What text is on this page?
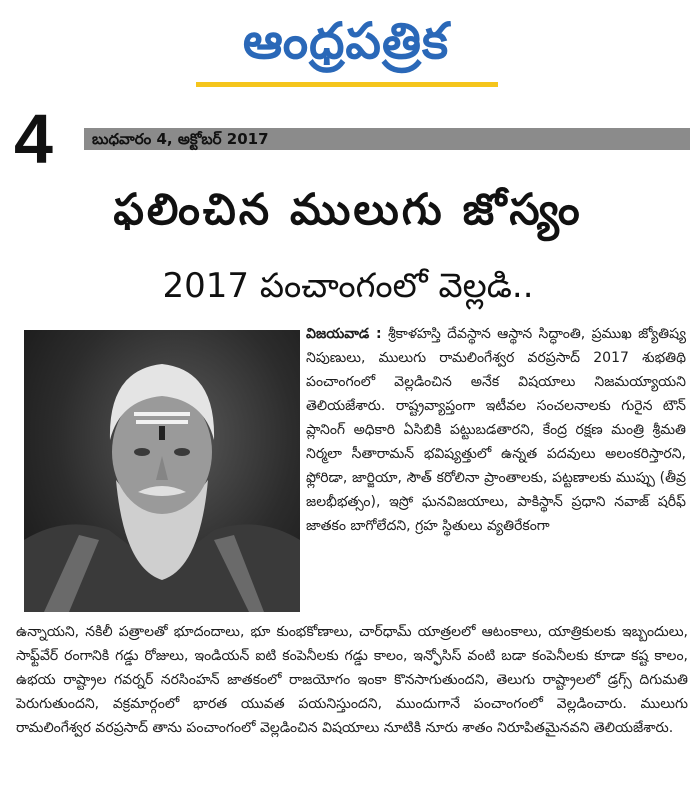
ఆంధ్రపత్రిక
4	బుధవారం 4, అక్టోబర్ 2017
ఫలించిన ములుగు జోస్యం
2017 పంచాంగంలో వెల్లడి..
విజయవాడ : శ్రీకాళహస్తి దేవస్థాన ఆస్థాన సిద్ధాంతి, ప్రముఖ జ్యోతిష్య నిపుణులు, ములుగు రామలింగేశ్వర వరప్రసాద్ 2017 శుభతిథి పంచాంగంలో వెల్లడించిన అనేక విషయాలు నిజమయ్యాయని తెలియజేశారు. రాష్ట్రవ్యాప్తంగా ఇటీవల సంచలనాలకు గురైన టౌన్ ప్లానింగ్ అధికారి ఏసిబికి పట్టుబడతారని, కేంద్ర రక్షణ మంత్రి శ్రీమతి నిర్మలా సీతారామన్ భవిష్యత్తులో ఉన్నత పదవులు అలంకరిస్తారని, ఫ్లోరిడా, జార్జియా, సౌత్ కరోలినా ప్రాంతాలకు, పట్టణాలకు ముప్పు (తీవ్ర జలభీభత్సం), ఇస్రో ఘనవిజయాలు, పాకిస్థాన్ ప్రధాని నవాజ్ షరీఫ్ జాతకం బాగోలేదని, గ్రహ స్థితులు వ్యతిరేకంగా
ఉన్నాయని, నకిలీ పత్రాలతో భూదందాలు, భూ కుంభకోణాలు, చార్‌ధామ్ యాత్రలలో ఆటంకాలు, యాత్రికులకు ఇబ్బందులు, సాఫ్ట్‌వేర్ రంగానికి గడ్డు రోజులు, ఇండియన్ ఐటి కంపెనీలకు గడ్డు కాలం, ఇన్ఫోసిస్ వంటి బడా కంపెనీలకు కూడా కష్ట కాలం, ఉభయ రాష్ట్రాల గవర్నర్ నరసింహన్ జాతకంలో రాజయోగం ఇంకా కొనసాగుతుందని, తెలుగు రాష్ట్రాలలో డ్రగ్స్ దిగుమతి పెరుగుతుందని, వక్రమార్గంలో భారత యువత పయనిస్తుందని, ముందుగానే పంచాంగంలో వెల్లడించారు. ములుగు రామలింగేశ్వర వరప్రసాద్ తాను పంచాంగంలో వెల్లడించిన విషయాలు నూటికి నూరు శాతం నిరూపితమైనవని తెలియజేశారు.
